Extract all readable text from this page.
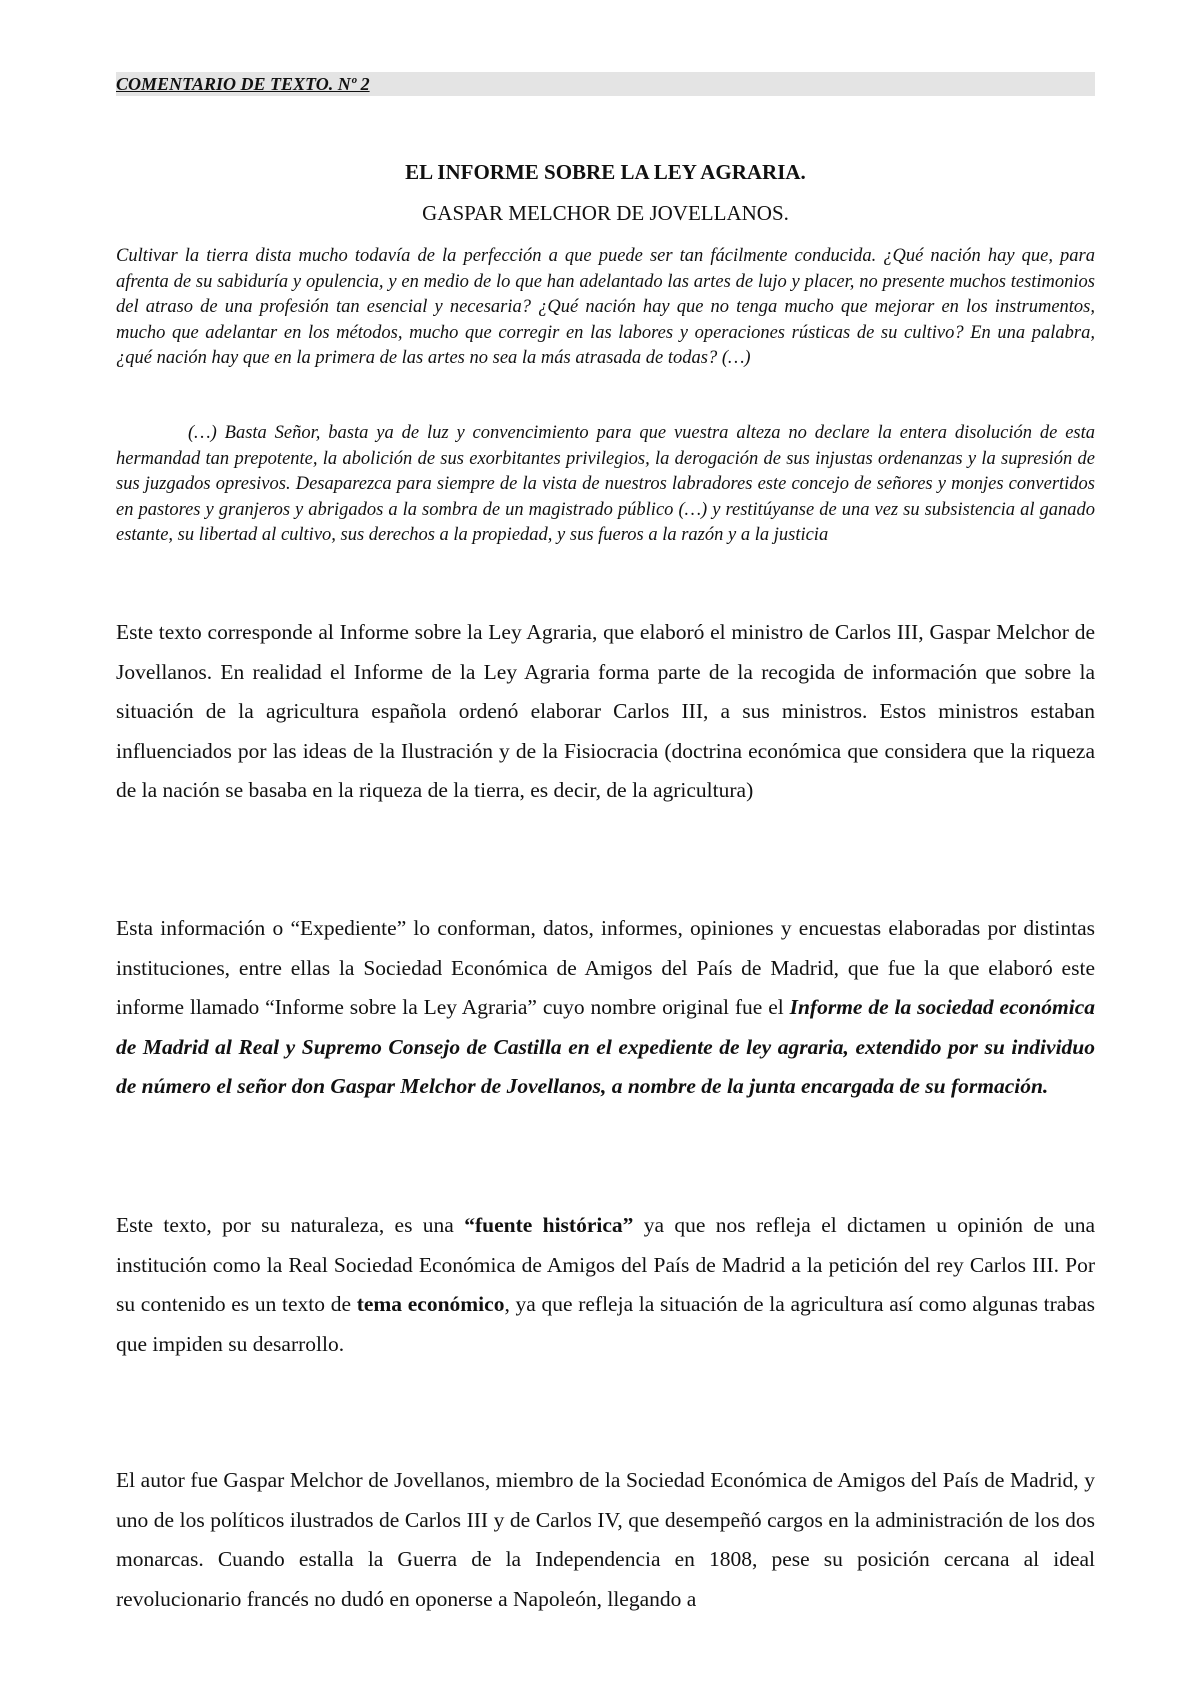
COMENTARIO DE TEXTO. Nº 2
EL INFORME SOBRE LA LEY AGRARIA.
GASPAR MELCHOR DE JOVELLANOS.

Cultivar la tierra dista mucho todavía de la perfección a que puede ser tan fácilmente conducida. ¿Qué nación hay que, para afrenta de su sabiduría y opulencia, y en medio de lo que han adelantado las artes de lujo y placer, no presente muchos testimonios del atraso de una profesión tan esencial y necesaria? ¿Qué nación hay que no tenga mucho que mejorar en los instrumentos, mucho que adelantar en los métodos, mucho que corregir en las labores y operaciones rústicas de su cultivo? En una palabra, ¿qué nación hay que en la primera de las artes no sea la más atrasada de todas? (…)

(…) Basta Señor, basta ya de luz y convencimiento para que vuestra alteza no declare la entera disolución de esta hermandad tan prepotente, la abolición de sus exorbitantes privilegios, la derogación de sus injustas ordenanzas y la supresión de sus juzgados opresivos. Desaparezca para siempre de la vista de nuestros labradores este concejo de señores y monjes convertidos en pastores y granjeros y abrigados a la sombra de un magistrado público (…) y restitúyanse de una vez su subsistencia al ganado estante, su libertad al cultivo, sus derechos a la propiedad, y sus fueros a la razón y a la justicia

Este texto corresponde al Informe sobre la Ley Agraria, que elaboró el ministro de Carlos III, Gaspar Melchor de Jovellanos. En realidad el Informe de la Ley Agraria forma parte de la recogida de información que sobre la situación de la agricultura española ordenó elaborar Carlos III, a sus ministros. Estos ministros estaban influenciados por las ideas de la Ilustración y de la Fisiocracia (doctrina económica que considera que la riqueza de la nación se basaba en la riqueza de la tierra, es decir, de la agricultura)

Esta información o “Expediente” lo conforman, datos, informes, opiniones y encuestas elaboradas por distintas instituciones, entre ellas la Sociedad Económica de Amigos del País de Madrid, que fue la que elaboró este informe llamado “Informe sobre la Ley Agraria” cuyo nombre original fue el Informe de la sociedad económica de Madrid al Real y Supremo Consejo de Castilla en el expediente de ley agraria, extendido por su individuo de número el señor don Gaspar Melchor de Jovellanos, a nombre de la junta encargada de su formación.

Este texto, por su naturaleza, es una “fuente histórica” ya que nos refleja el dictamen u opinión de una institución como la Real Sociedad Económica de Amigos del País de Madrid a la petición del rey Carlos III. Por su contenido es un texto de tema económico, ya que refleja la situación de la agricultura así como algunas trabas que impiden su desarrollo.

El autor fue Gaspar Melchor de Jovellanos, miembro de la Sociedad Económica de Amigos del País de Madrid, y uno de los políticos ilustrados de Carlos III y de Carlos IV, que desempeñó cargos en la administración de los dos monarcas. Cuando estalla la Guerra de la Independencia en 1808, pese su posición cercana al ideal revolucionario francés no dudó en oponerse a Napoleón, llegando a
